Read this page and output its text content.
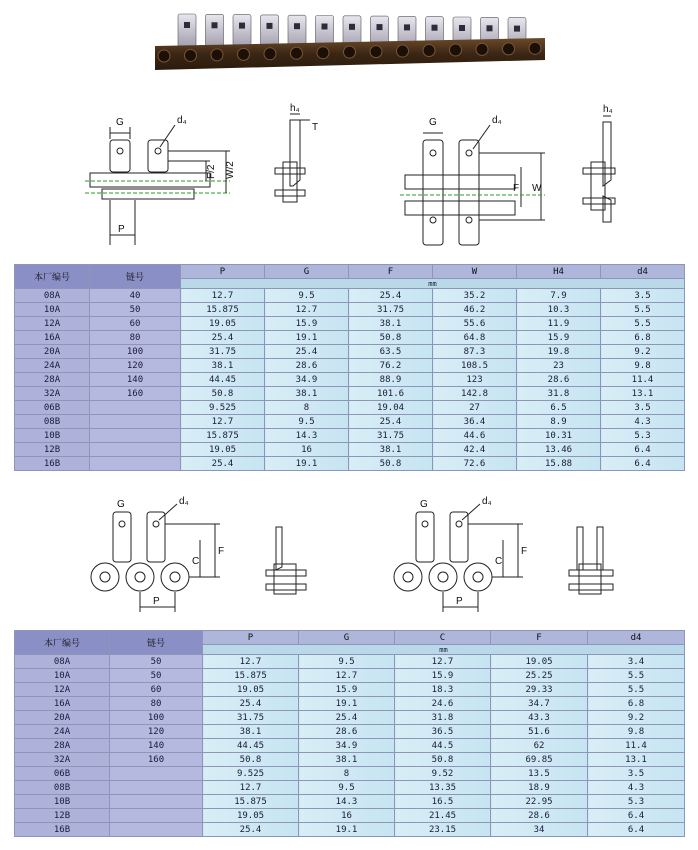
G	d₄
F/2 W/2
P
h₄
T	G	d₄
F W
h₄
本厂编号	链号	P	G	F	W	H4	d4
		mm					
08A	40	12.7	9.5	25.4	35.2	7.9	3.5
10A	50	15.875	12.7	31.75	46.2	10.3	5.5
12A	60	19.05	15.9	38.1	55.6	11.9	5.5
16A	80	25.4	19.1	50.8	64.8	15.9	6.8
20A	100	31.75	25.4	63.5	87.3	19.8	9.2
24A	120	38.1	28.6	76.2	108.5	23	9.8
28A	140	44.45	34.9	88.9	123	28.6	11.4
32A	160	50.8	38.1	101.6	142.8	31.8	13.1
06B		9.525	8	19.04	27	6.5	3.5
08B		12.7	9.5	25.4	36.4	8.9	4.3
10B		15.875	14.3	31.75	44.6	10.31	5.3
12B		19.05	16	38.1	42.4	13.46	6.4
16B		25.4	19.1	50.8	72.6	15.88	6.4
G	d₄
C
F
P
G	d₄
C
F
P
本厂编号	链号	P	G	C	F	d4
		mm				
08A	50	12.7	9.5	12.7	19.05	3.4
10A	50	15.875	12.7	15.9	25.25	5.5
12A	60	19.05	15.9	18.3	29.33	5.5
16A	80	25.4	19.1	24.6	34.7	6.8
20A	100	31.75	25.4	31.8	43.3	9.2
24A	120	38.1	28.6	36.5	51.6	9.8
28A	140	44.45	34.9	44.5	62	11.4
32A	160	50.8	38.1	50.8	69.85	13.1
06B		9.525	8	9.52	13.5	3.5
08B		12.7	9.5	13.35	18.9	4.3
10B		15.875	14.3	16.5	22.95	5.3
12B		19.05	16	21.45	28.6	6.4
16B		25.4	19.1	23.15	34	6.4
